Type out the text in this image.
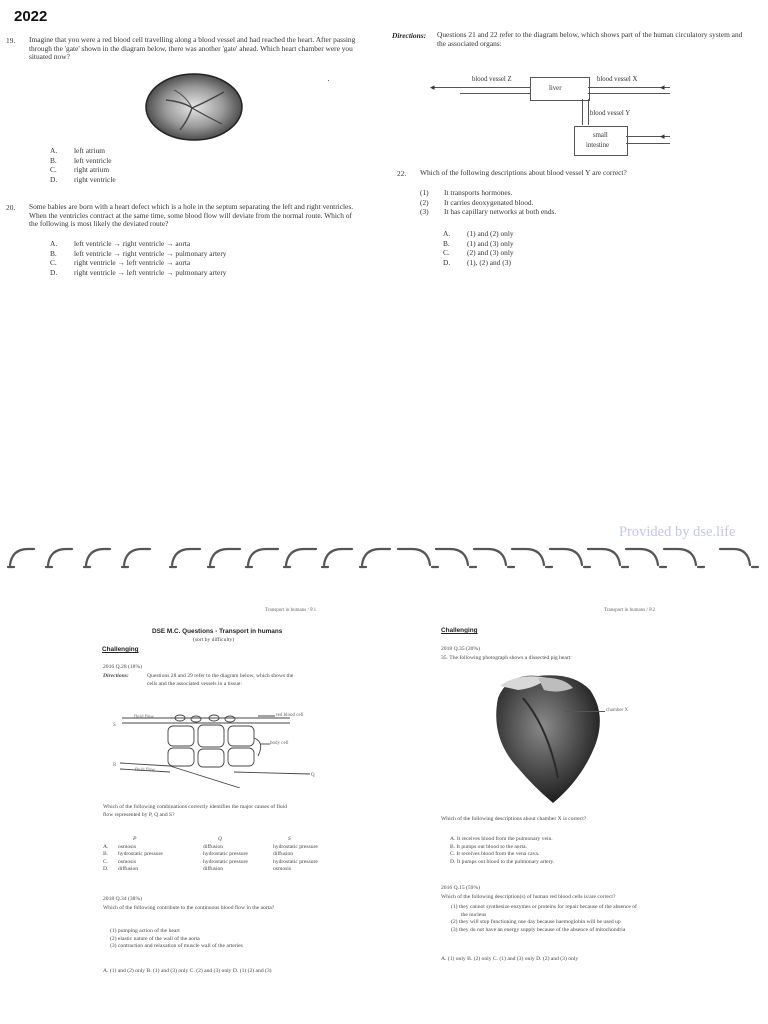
2022
19. Imagine that you were a red blood cell travelling along a blood vessel and had reached the heart. After passing
through the 'gate' shown in the diagram below, there was another 'gate' ahead. Which heart chamber were you
situated now?
A.	left atrium
B.	left ventricle
C.	right atrium
D.	right ventricle
20. Some babies are born with a heart defect which is a hole in the septum separating the left and right ventricles.
When the ventricles contract at the same time, some blood flow will deviate from the normal route. Which of
the following is most likely the deviated route?
A.	left ventricle → right ventricle → aorta
B.	left ventricle → right ventricle → pulmonary artery
C.	right ventricle → left ventricle → aorta
D.	right ventricle → left ventricle → pulmonary artery
Directions: Questions 21 and 22 refer to the diagram below, which shows part of the human circulatory system and
the associated organs:
blood vessel Z	blood vessel X
◂	liver	◂
blood vessel Y
small
intestine
◂
22. Which of the following descriptions about blood vessel Y are correct?
(1)	It transports hormones.
(2)	It carries deoxygenated blood.
(3)	It has capillary networks at both ends.
A.	(1) and (2) only
B.	(1) and (3) only
C.	(2) and (3) only
D.	(1), (2) and (3)
Provided by dse.life
Transport in humans / P.1
DSE M.C. Questions - Transport in humans
(sort by difficulty)
Challenging
2016 Q.28 (18%)
Directions:	Questions 28 and 29 refer to the diagram below, which shows the
cells and the associated vessels in a tissue:
S
R
Q
fluid flow
fluid flow
red blood cell
body cell
Which of the following combinations correctly identifies the major causes of fluid
flow represented by P, Q and S?
P	Q	S
A.	osmosis	diffusion	hydrostatic pressure
B.	hydrostatic pressure	hydrostatic pressure	diffusion
C.	osmosis	hydrostatic pressure	hydrostatic pressure
D.	diffusion	diffusion	osmosis
2018 Q.34 (38%)
Which of the following contribute to the continuous blood flow in the aorta?
(1) pumping action of the heart
(2) elastic nature of the wall of the aorta
(3) contraction and relaxation of muscle wall of the arteries
A. (1) and (2) only B. (1) and (3) only C. (2) and (3) only D. (1) (2) and (3)
Transport in humans / P.2
Challenging
2018 Q.35 (20%)
35. The following photograph shows a dissected pig heart:
chamber X
Which of the following descriptions about chamber X is correct?
A. It receives blood from the pulmonary vein.
B. It pumps out blood to the aorta.
C. It receives blood from the vena cava.
D. It pumps out blood to the pulmonary artery.
2016 Q.15 (59%)
Which of the following description(s) of human red blood cells is/are correct?
(1) they cannot synthesize enzymes or proteins for repair because of the absence of
the nucleus
(2) they will stop functioning one day because haemoglobin will be used up
(3) they do not have an energy supply because of the absence of mitochondria
A. (1) only B. (2) only C. (1) and (3) only D. (2) and (3) only
